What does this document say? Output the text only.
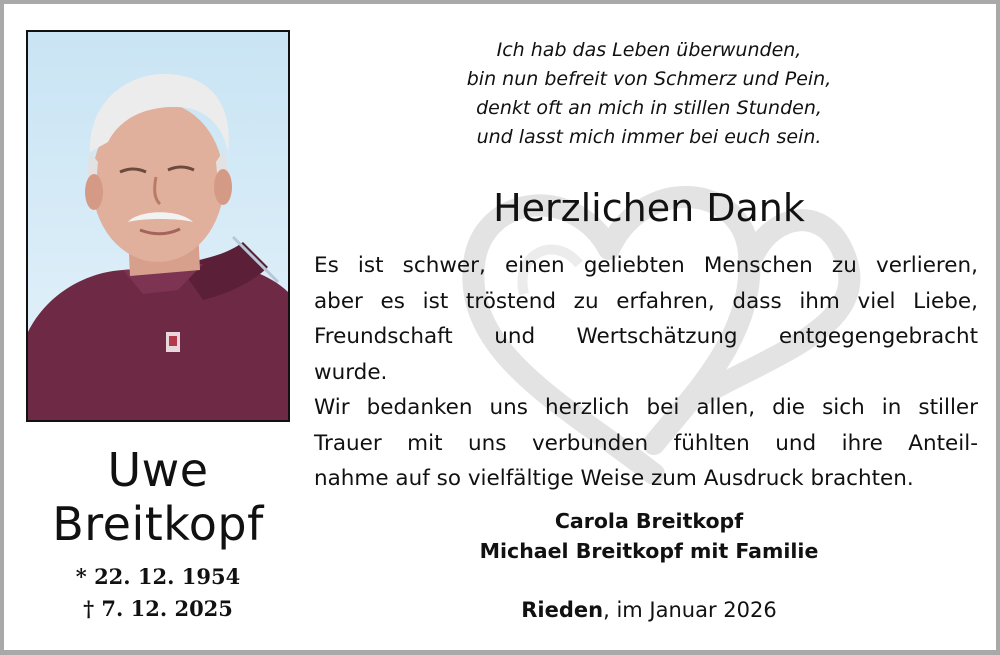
Uwe
Breitkopf
* 22. 12. 1954
† 7. 12. 2025
Ich hab das Leben überwunden,
bin nun befreit von Schmerz und Pein,
denkt oft an mich in stillen Stunden,
und lasst mich immer bei euch sein.
Herzlichen Dank
Es ist schwer, einen geliebten Menschen zu verlieren,
aber es ist tröstend zu erfahren, dass ihm viel Liebe,
Freundschaft und Wertschätzung entgegengebracht
wurde.
Wir bedanken uns herzlich bei allen, die sich in stiller
Trauer mit uns verbunden fühlten und ihre Anteil-
nahme auf so vielfältige Weise zum Ausdruck brachten.
Carola Breitkopf
Michael Breitkopf mit Familie
Rieden, im Januar 2026
